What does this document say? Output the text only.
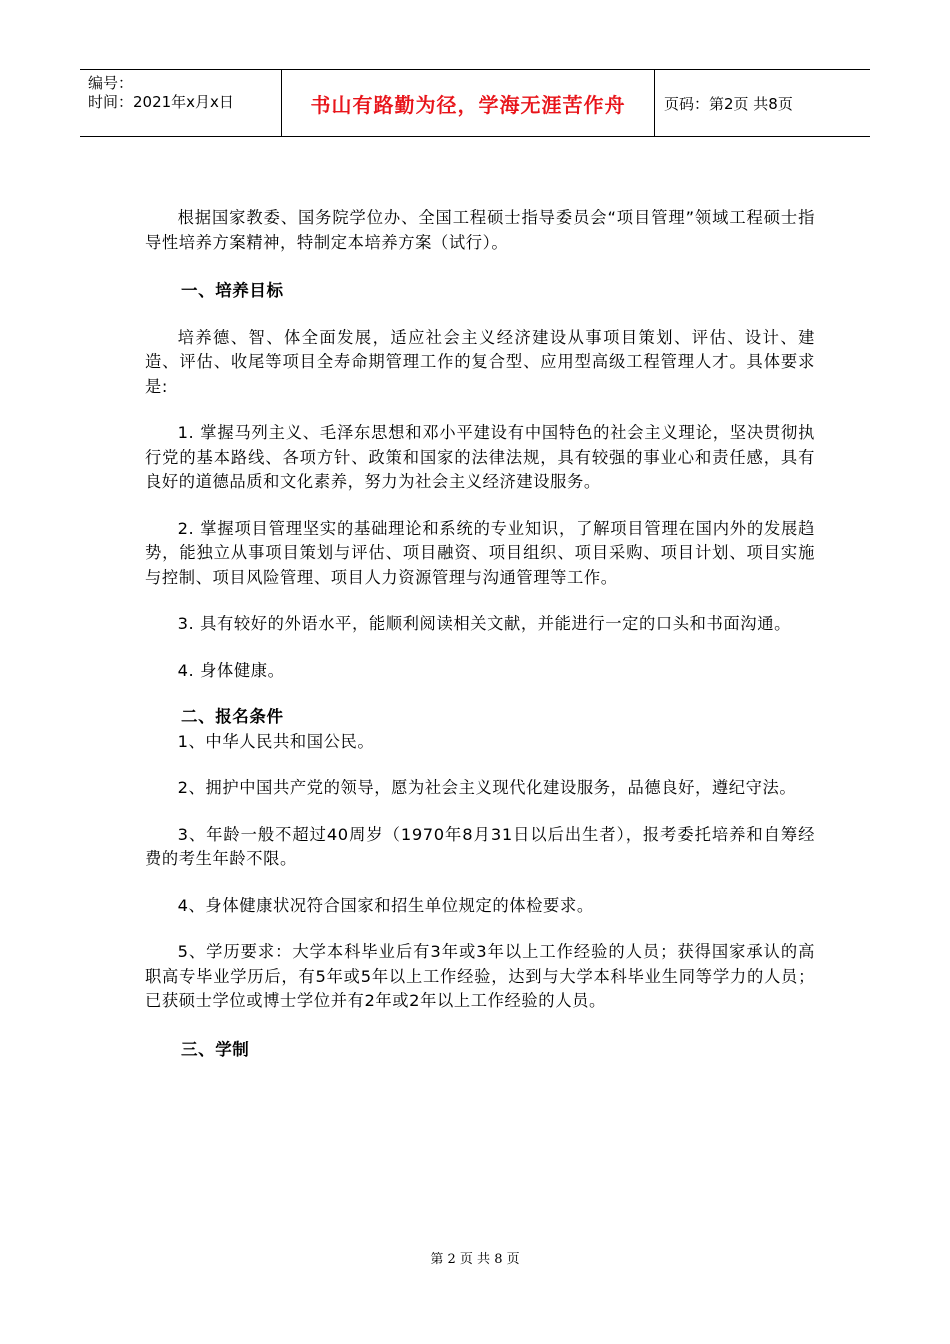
编号：
时间：2021年x月x日	书山有路勤为径，学海无涯苦作舟	页码：第2页 共8页

根据国家教委、国务院学位办、全国工程硕士指导委员会“项目管理”领域工程硕士指导性培养方案精神，特制定本培养方案（试行）。

一、培养目标

培养德、智、体全面发展，适应社会主义经济建设从事项目策划、评估、设计、建造、评估、收尾等项目全寿命期管理工作的复合型、应用型高级工程管理人才。具体要求是:

1. 掌握马列主义、毛泽东思想和邓小平建设有中国特色的社会主义理论，坚决贯彻执行党的基本路线、各项方针、政策和国家的法律法规，具有较强的事业心和责任感，具有良好的道德品质和文化素养，努力为社会主义经济建设服务。

2. 掌握项目管理坚实的基础理论和系统的专业知识，了解项目管理在国内外的发展趋势，能独立从事项目策划与评估、项目融资、项目组织、项目采购、项目计划、项目实施与控制、项目风险管理、项目人力资源管理与沟通管理等工作。

3. 具有较好的外语水平，能顺利阅读相关文献，并能进行一定的口头和书面沟通。

4. 身体健康。

二、报名条件

1、中华人民共和国公民。

2、拥护中国共产党的领导，愿为社会主义现代化建设服务，品德良好，遵纪守法。

3、年龄一般不超过40周岁（1970年8月31日以后出生者），报考委托培养和自筹经费的考生年龄不限。

4、身体健康状况符合国家和招生单位规定的体检要求。

5、学历要求：大学本科毕业后有3年或3年以上工作经验的人员；获得国家承认的高职高专毕业学历后，有5年或5年以上工作经验，达到与大学本科毕业生同等学力的人员；已获硕士学位或博士学位并有2年或2年以上工作经验的人员。

三、学制

第 2 页 共 8 页
